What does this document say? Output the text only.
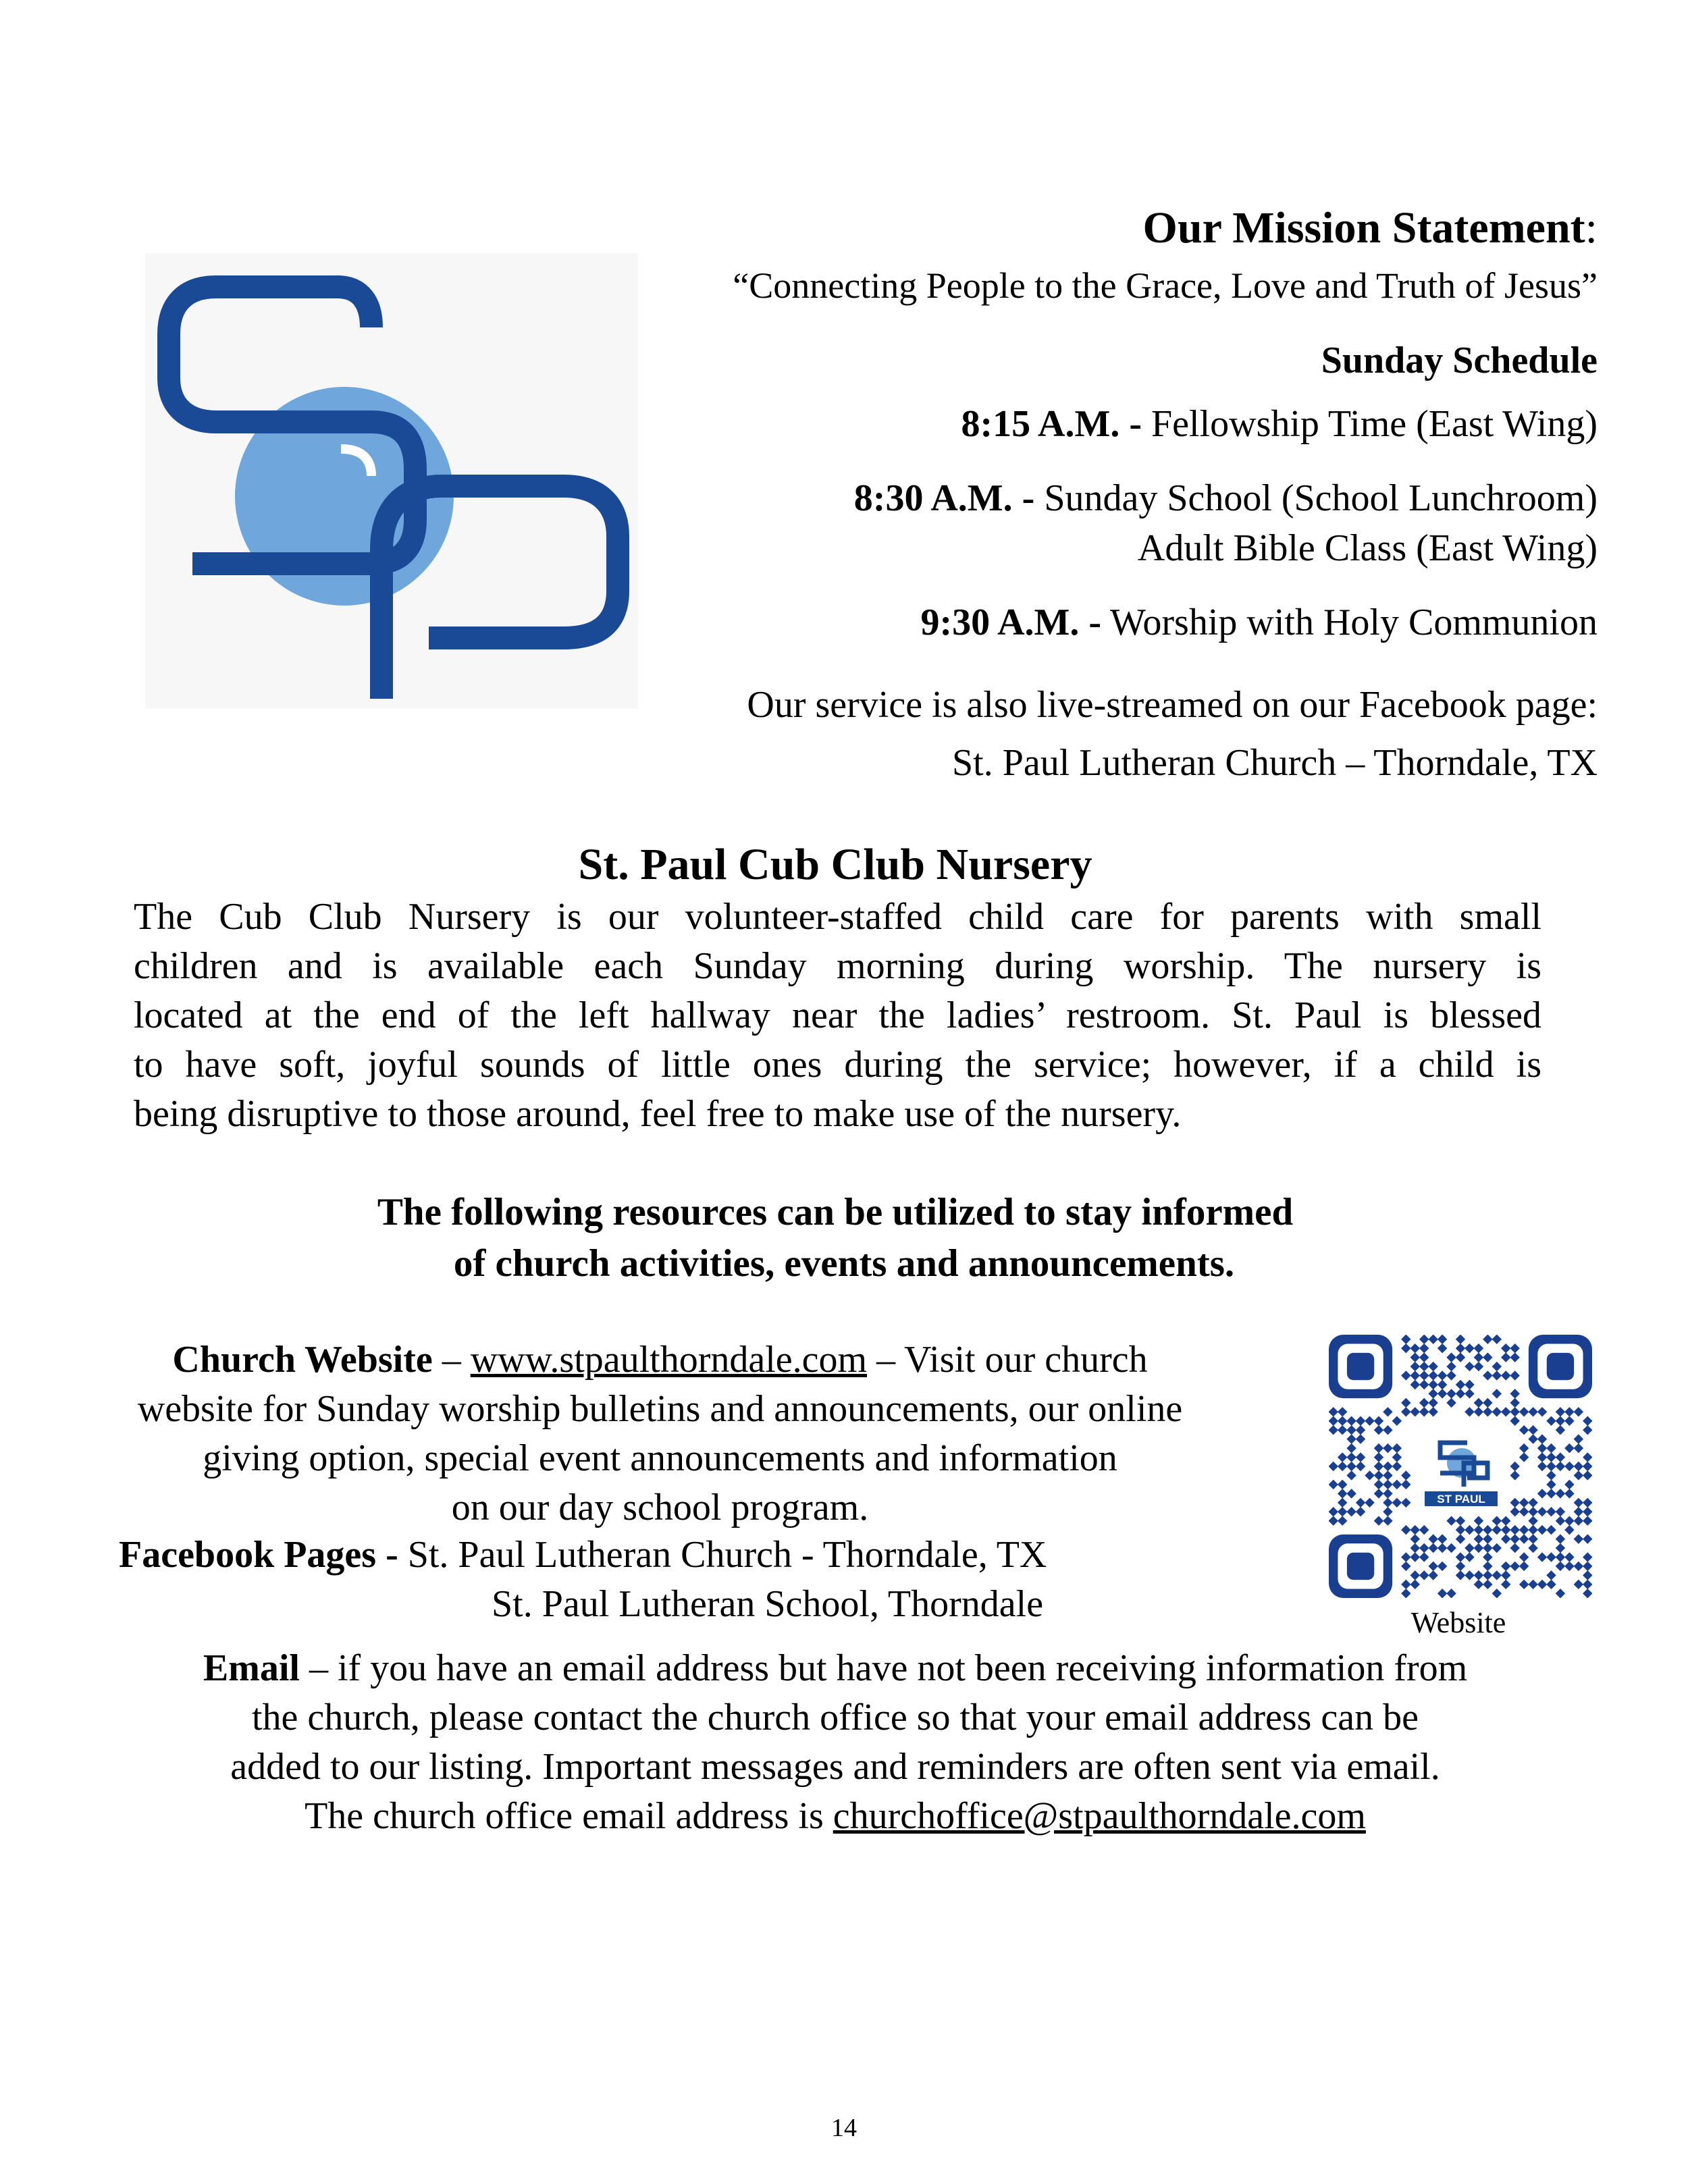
Our Mission Statement:
“Connecting People to the Grace, Love and Truth of Jesus”
Sunday Schedule
8:15 A.M. - Fellowship Time (East Wing)
8:30 A.M. - Sunday School (School Lunchroom)
Adult Bible Class (East Wing)
9:30 A.M. - Worship with Holy Communion
Our service is also live-streamed on our Facebook page:
St. Paul Lutheran Church – Thorndale, TX
St. Paul Cub Club Nursery
The Cub Club Nursery is our volunteer-staffed child care for parents with small
children and is available each Sunday morning during worship. The nursery is
located at the end of the left hallway near the ladies’ restroom. St. Paul is blessed
to have soft, joyful sounds of little ones during the service; however, if a child is
being disruptive to those around, feel free to make use of the nursery.
The following resources can be utilized to stay informed
of church activities, events and announcements.
Church Website – www.stpaulthorndale.com – Visit our church
website for Sunday worship bulletins and announcements, our online
giving option, special event announcements and information
on our day school program.
Facebook Pages - St. Paul Lutheran Church - Thorndale, TX
St. Paul Lutheran School, Thorndale
ST PAUL
Website
Email – if you have an email address but have not been receiving information from
the church, please contact the church office so that your email address can be
added to our listing. Important messages and reminders are often sent via email.
The church office email address is churchoffice@stpaulthorndale.com
14
